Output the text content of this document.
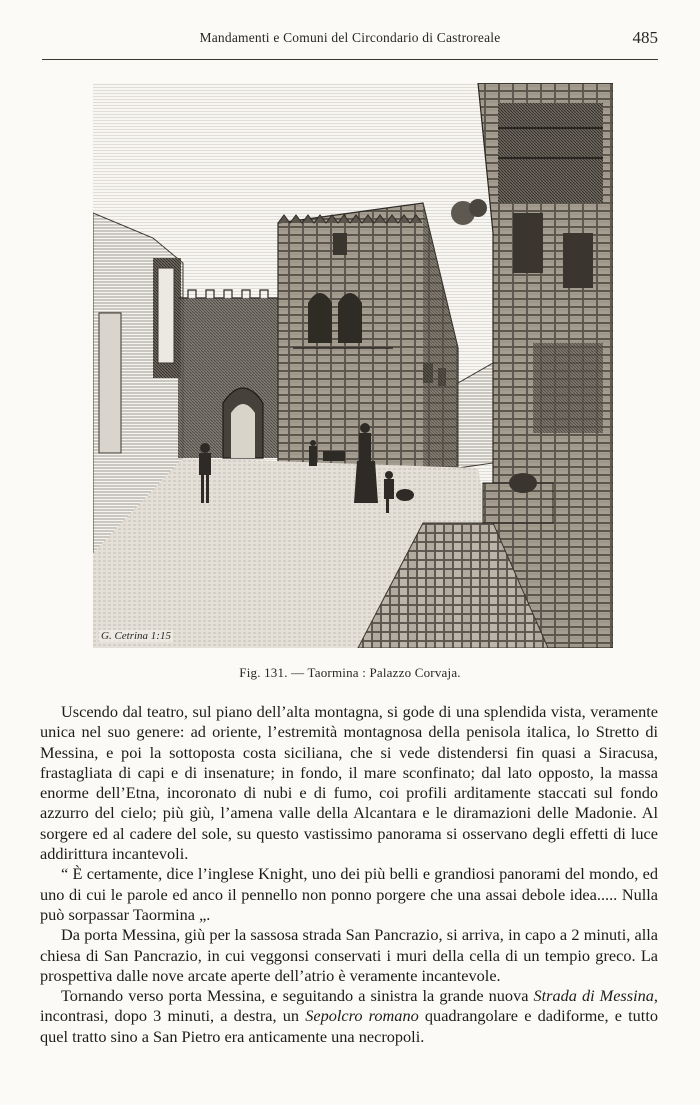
Mandamenti e Comuni del Circondario di Castroreale	485
G. Cetrina 1:15
Fig. 131. — Taormina : Palazzo Corvaja.

Uscendo dal teatro, sul piano dell’alta montagna, si gode di una splendida vista, veramente unica nel suo genere: ad oriente, l’estremità montagnosa della penisola italica, lo Stretto di Messina, e poi la sottoposta costa siciliana, che si vede distendersi fin quasi a Siracusa, frastagliata di capi e di insenature; in fondo, il mare sconfinato; dal lato opposto, la massa enorme dell’Etna, incoronato di nubi e di fumo, coi profili arditamente staccati sul fondo azzurro del cielo; più giù, l’amena valle della Alcantara e le diramazioni delle Madonie. Al sorgere ed al cadere del sole, su questo vastissimo panorama si osservano degli effetti di luce addirittura incantevoli.

“ È certamente, dice l’inglese Knight, uno dei più belli e grandiosi panorami del mondo, ed uno di cui le parole ed anco il pennello non ponno porgere che una assai debole idea..... Nulla può sorpassar Taormina „.

Da porta Messina, giù per la sassosa strada San Pancrazio, si arriva, in capo a 2 minuti, alla chiesa di San Pancrazio, in cui veggonsi conservati i muri della cella di un tempio greco. La prospettiva dalle nove arcate aperte dell’atrio è veramente incantevole.

Tornando verso porta Messina, e seguitando a sinistra la grande nuova Strada di Messina, incontrasi, dopo 3 minuti, a destra, un Sepolcro romano quadrangolare e dadiforme, e tutto quel tratto sino a San Pietro era anticamente una necropoli.
